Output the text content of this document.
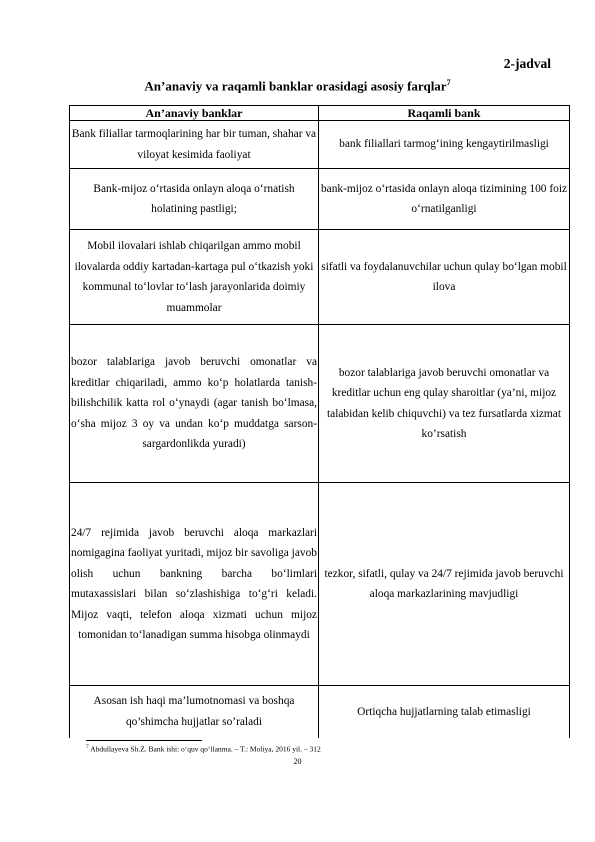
2-jadval
An’anaviy va raqamli banklar orasidagi asosiy farqlar$^7$
An’anaviy banklar	Raqamli bank
Bank filiallar tarmoqlarining har bir tuman, shahar va viloyat kesimida faoliyat	bank filiallari tarmog‘ining kengaytirilmasligi
Bank-mijoz o‘rtasida onlayn aloqa o‘rnatish holatining pastligi;	bank-mijoz o‘rtasida onlayn aloqa tizimining 100 foiz o‘rnatilganligi
Mobil ilovalari ishlab chiqarilgan ammo mobil ilovalarda oddiy kartadan-kartaga pul o‘tkazish yoki kommunal to‘lovlar to‘lash jarayonlarida doimiy muammolar	sifatli va foydalanuvchilar uchun qulay bo‘lgan mobil ilova
bozor talablariga javob beruvchi omonatlar va kreditlar chiqariladi, ammo ko‘p holatlarda tanish-bilishchilik katta rol o‘ynaydi (agar tanish bo‘lmasa, o‘sha mijoz 3 oy va undan ko‘p muddatga sarson-sargardonlikda yuradi)	bozor talablariga javob beruvchi omonatlar va kreditlar uchun eng qulay sharoitlar (ya’ni, mijoz talabidan kelib chiquvchi) va tez fursatlarda xizmat ko’rsatish
24/7 rejimida javob beruvchi aloqa markazlari nomigagina faoliyat yuritadi, mijoz bir savoliga javob olish uchun bankning barcha bo‘limlari mutaxassislari bilan so‘zlashishiga to‘g‘ri keladi. Mijoz vaqti, telefon aloqa xizmati uchun mijoz tomonidan to‘lanadigan summa hisobga olinmaydi	tezkor, sifatli, qulay va 24/7 rejimida javob beruvchi aloqa markazlarining mavjudligi
Asosan ish haqi ma’lumotnomasi va boshqa qo’shimcha hujjatlar so’raladi	Ortiqcha hujjatlarning talab etimasligi
$^7$ Abdullayeva Sh.Z. Bank ishi: o‘quv qo‘llanma. – T.: Moliya, 2016 yil. – 312
20
